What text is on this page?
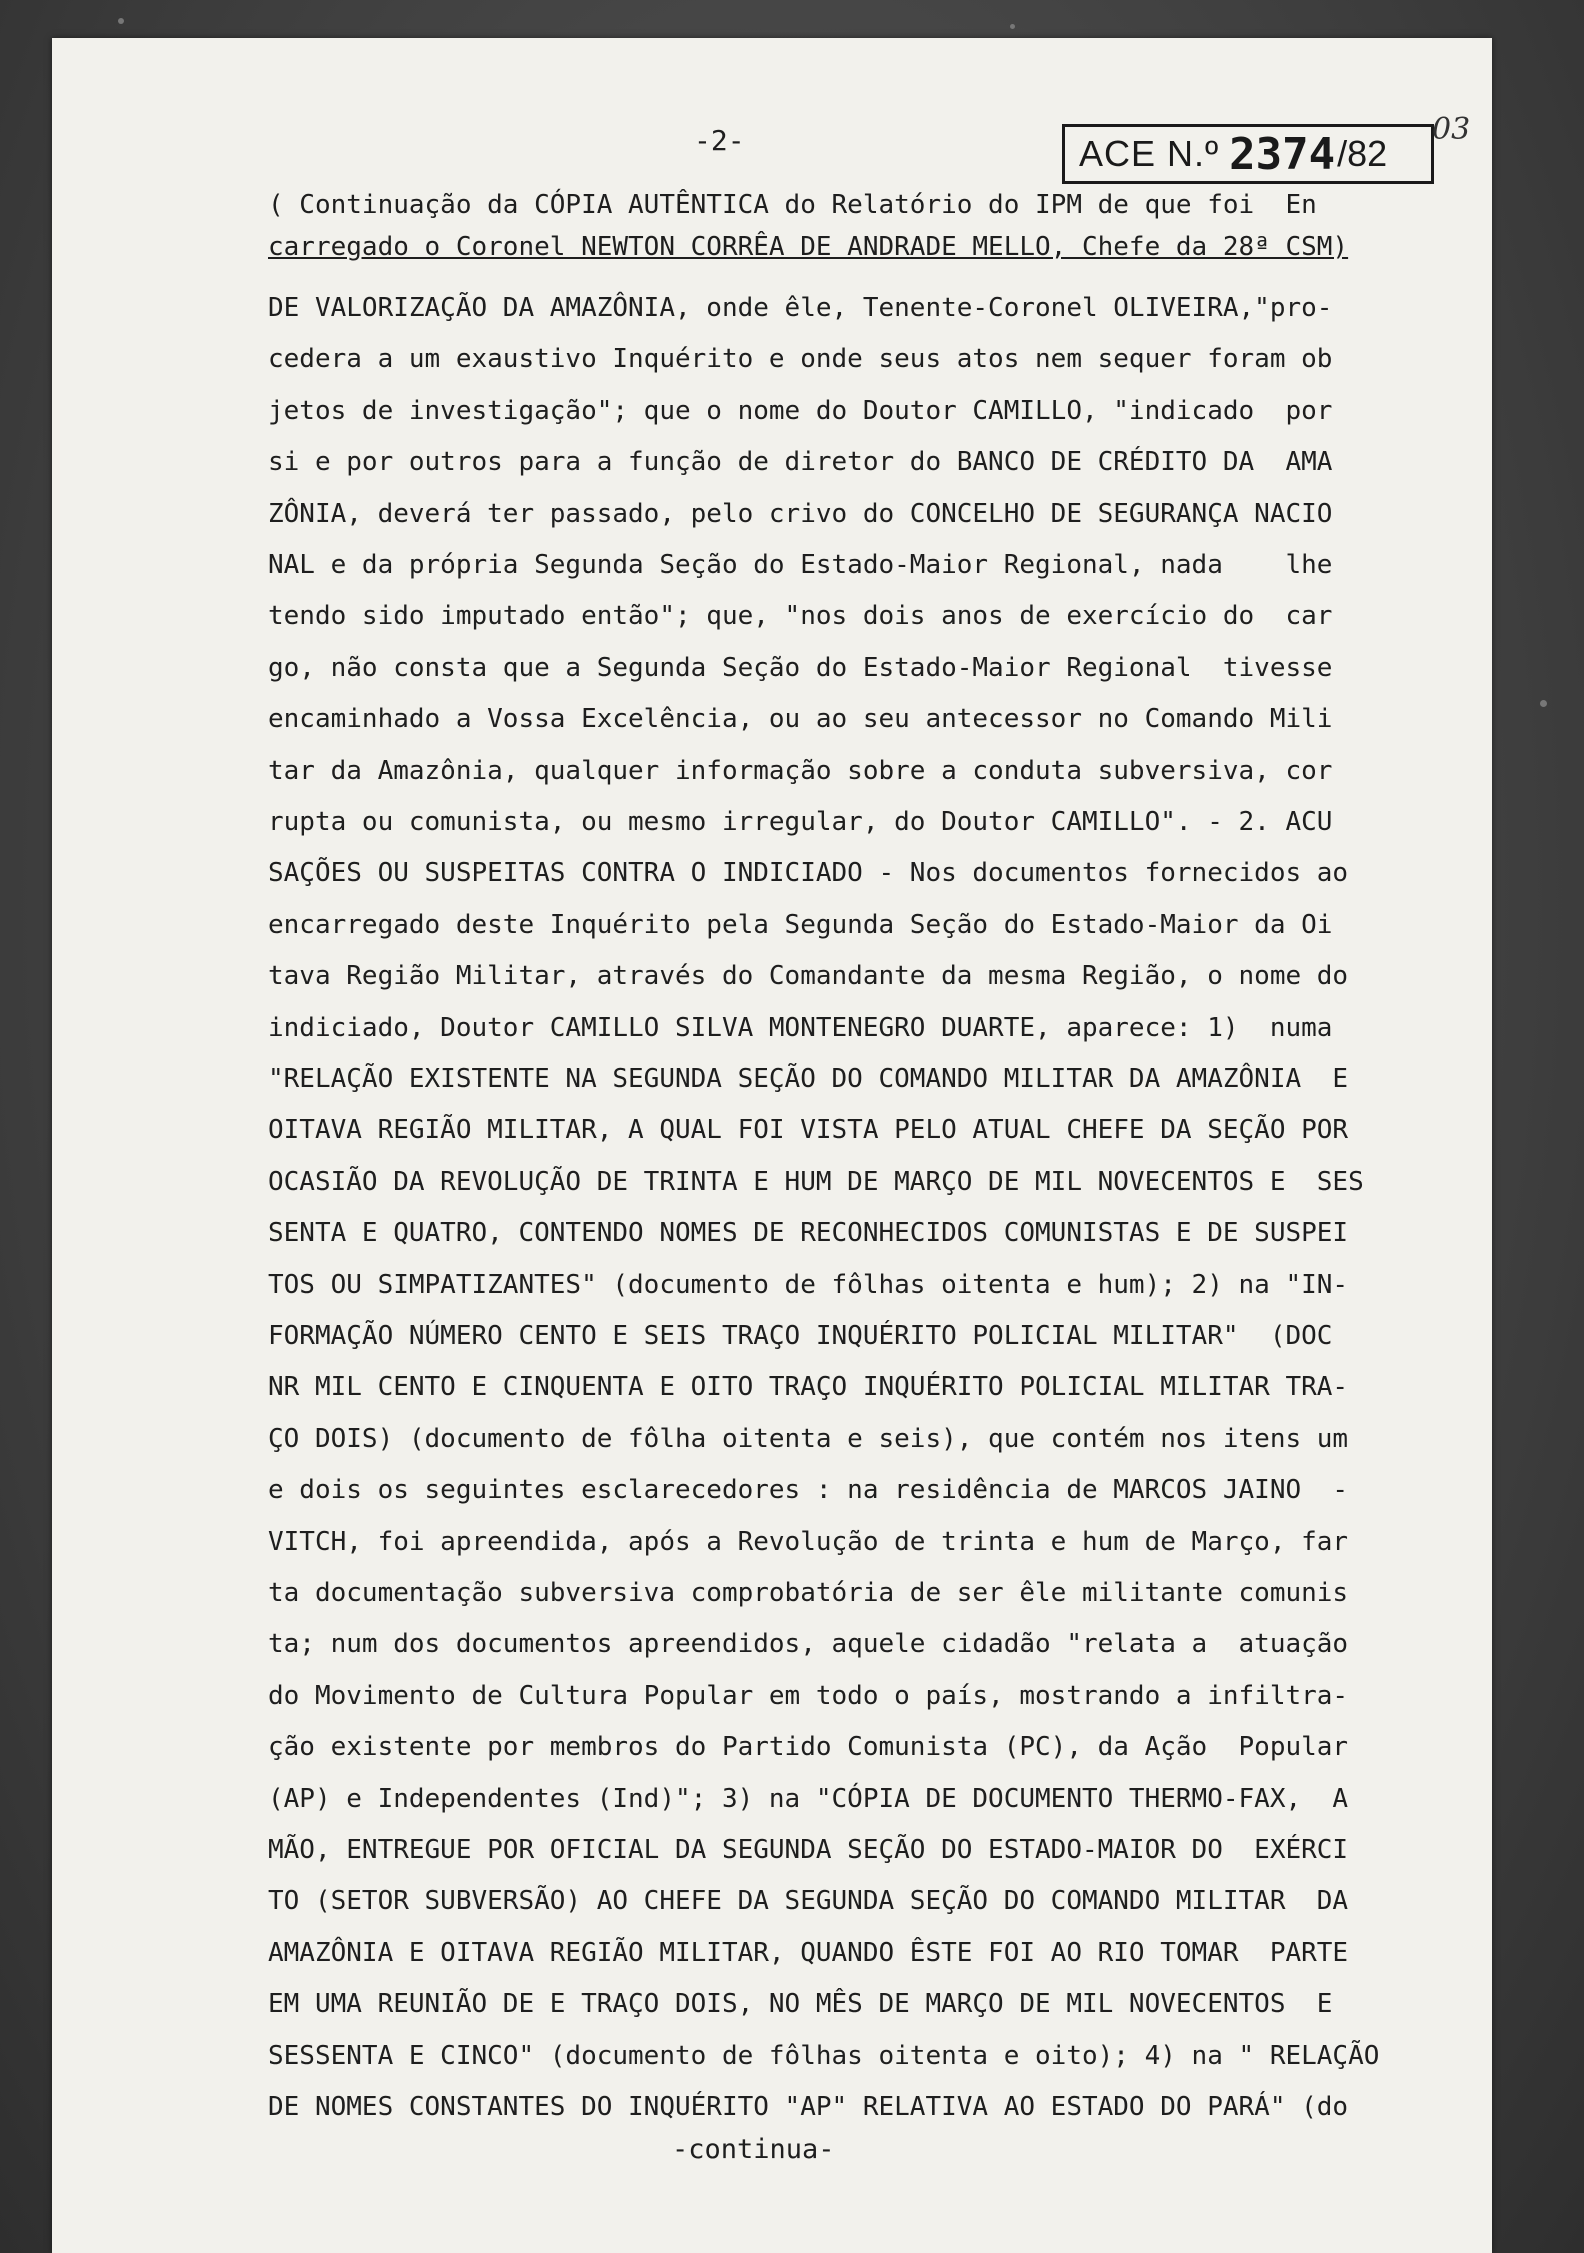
ACE N.º 2374 /82
03
-2-
( Continuação da CÓPIA AUTÊNTICA do Relatório do IPM de que foi  En
carregado o Coronel NEWTON CORRÊA DE ANDRADE MELLO, Chefe da 28ª CSM)
DE VALORIZAÇÃO DA AMAZÔNIA, onde êle, Tenente-Coronel OLIVEIRA,"pro-
cedera a um exaustivo Inquérito e onde seus atos nem sequer foram ob
jetos de investigação"; que o nome do Doutor CAMILLO, "indicado  por
si e por outros para a função de diretor do BANCO DE CRÉDITO DA  AMA
ZÔNIA, deverá ter passado, pelo crivo do CONCELHO DE SEGURANÇA NACIO
NAL e da própria Segunda Seção do Estado-Maior Regional, nada    lhe
tendo sido imputado então"; que, "nos dois anos de exercício do  car
go, não consta que a Segunda Seção do Estado-Maior Regional  tivesse
encaminhado a Vossa Excelência, ou ao seu antecessor no Comando Mili
tar da Amazônia, qualquer informação sobre a conduta subversiva, cor
rupta ou comunista, ou mesmo irregular, do Doutor CAMILLO". - 2. ACU
SAÇÕES OU SUSPEITAS CONTRA O INDICIADO - Nos documentos fornecidos ao
encarregado deste Inquérito pela Segunda Seção do Estado-Maior da Oi
tava Região Militar, através do Comandante da mesma Região, o nome do
indiciado, Doutor CAMILLO SILVA MONTENEGRO DUARTE, aparece: 1)  numa
"RELAÇÃO EXISTENTE NA SEGUNDA SEÇÃO DO COMANDO MILITAR DA AMAZÔNIA  E
OITAVA REGIÃO MILITAR, A QUAL FOI VISTA PELO ATUAL CHEFE DA SEÇÃO POR
OCASIÃO DA REVOLUÇÃO DE TRINTA E HUM DE MARÇO DE MIL NOVECENTOS E  SES
SENTA E QUATRO, CONTENDO NOMES DE RECONHECIDOS COMUNISTAS E DE SUSPEI
TOS OU SIMPATIZANTES" (documento de fôlhas oitenta e hum); 2) na "IN-
FORMAÇÃO NÚMERO CENTO E SEIS TRAÇO INQUÉRITO POLICIAL MILITAR"  (DOC
NR MIL CENTO E CINQUENTA E OITO TRAÇO INQUÉRITO POLICIAL MILITAR TRA-
ÇO DOIS) (documento de fôlha oitenta e seis), que contém nos itens um
e dois os seguintes esclarecedores : na residência de MARCOS JAINO  -
VITCH, foi apreendida, após a Revolução de trinta e hum de Março, far
ta documentação subversiva comprobatória de ser êle militante comunis
ta; num dos documentos apreendidos, aquele cidadão "relata a  atuação
do Movimento de Cultura Popular em todo o país, mostrando a infiltra-
ção existente por membros do Partido Comunista (PC), da Ação  Popular
(AP) e Independentes (Ind)"; 3) na "CÓPIA DE DOCUMENTO THERMO-FAX,  A
MÃO, ENTREGUE POR OFICIAL DA SEGUNDA SEÇÃO DO ESTADO-MAIOR DO  EXÉRCI
TO (SETOR SUBVERSÃO) AO CHEFE DA SEGUNDA SEÇÃO DO COMANDO MILITAR  DA
AMAZÔNIA E OITAVA REGIÃO MILITAR, QUANDO ÊSTE FOI AO RIO TOMAR  PARTE
EM UMA REUNIÃO DE E TRAÇO DOIS, NO MÊS DE MARÇO DE MIL NOVECENTOS  E
SESSENTA E CINCO" (documento de fôlhas oitenta e oito); 4) na " RELAÇÃO
DE NOMES CONSTANTES DO INQUÉRITO "AP" RELATIVA AO ESTADO DO PARÁ" (do
-continua-
